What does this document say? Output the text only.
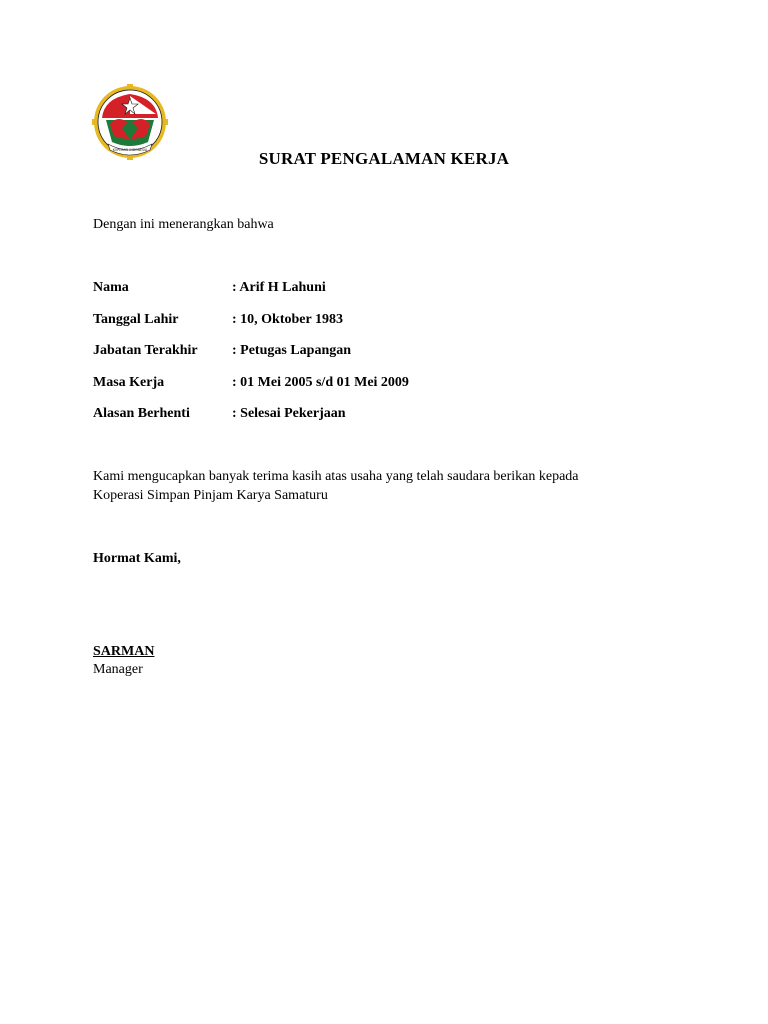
KOPERASI INDONESIA	SURAT PENGALAMAN KERJA
Dengan ini menerangkan bahwa
Nama	: Arif H Lahuni
Tanggal Lahir	: 10, Oktober 1983
Jabatan Terakhir : Petugas Lapangan
Masa Kerja	: 01 Mei 2005 s/d 01 Mei 2009
Alasan Berhenti	: Selesai Pekerjaan
Kami mengucapkan banyak terima kasih atas usaha yang telah saudara berikan kepada
Koperasi Simpan Pinjam Karya Samaturu
Hormat Kami,
SARMAN
Manager
